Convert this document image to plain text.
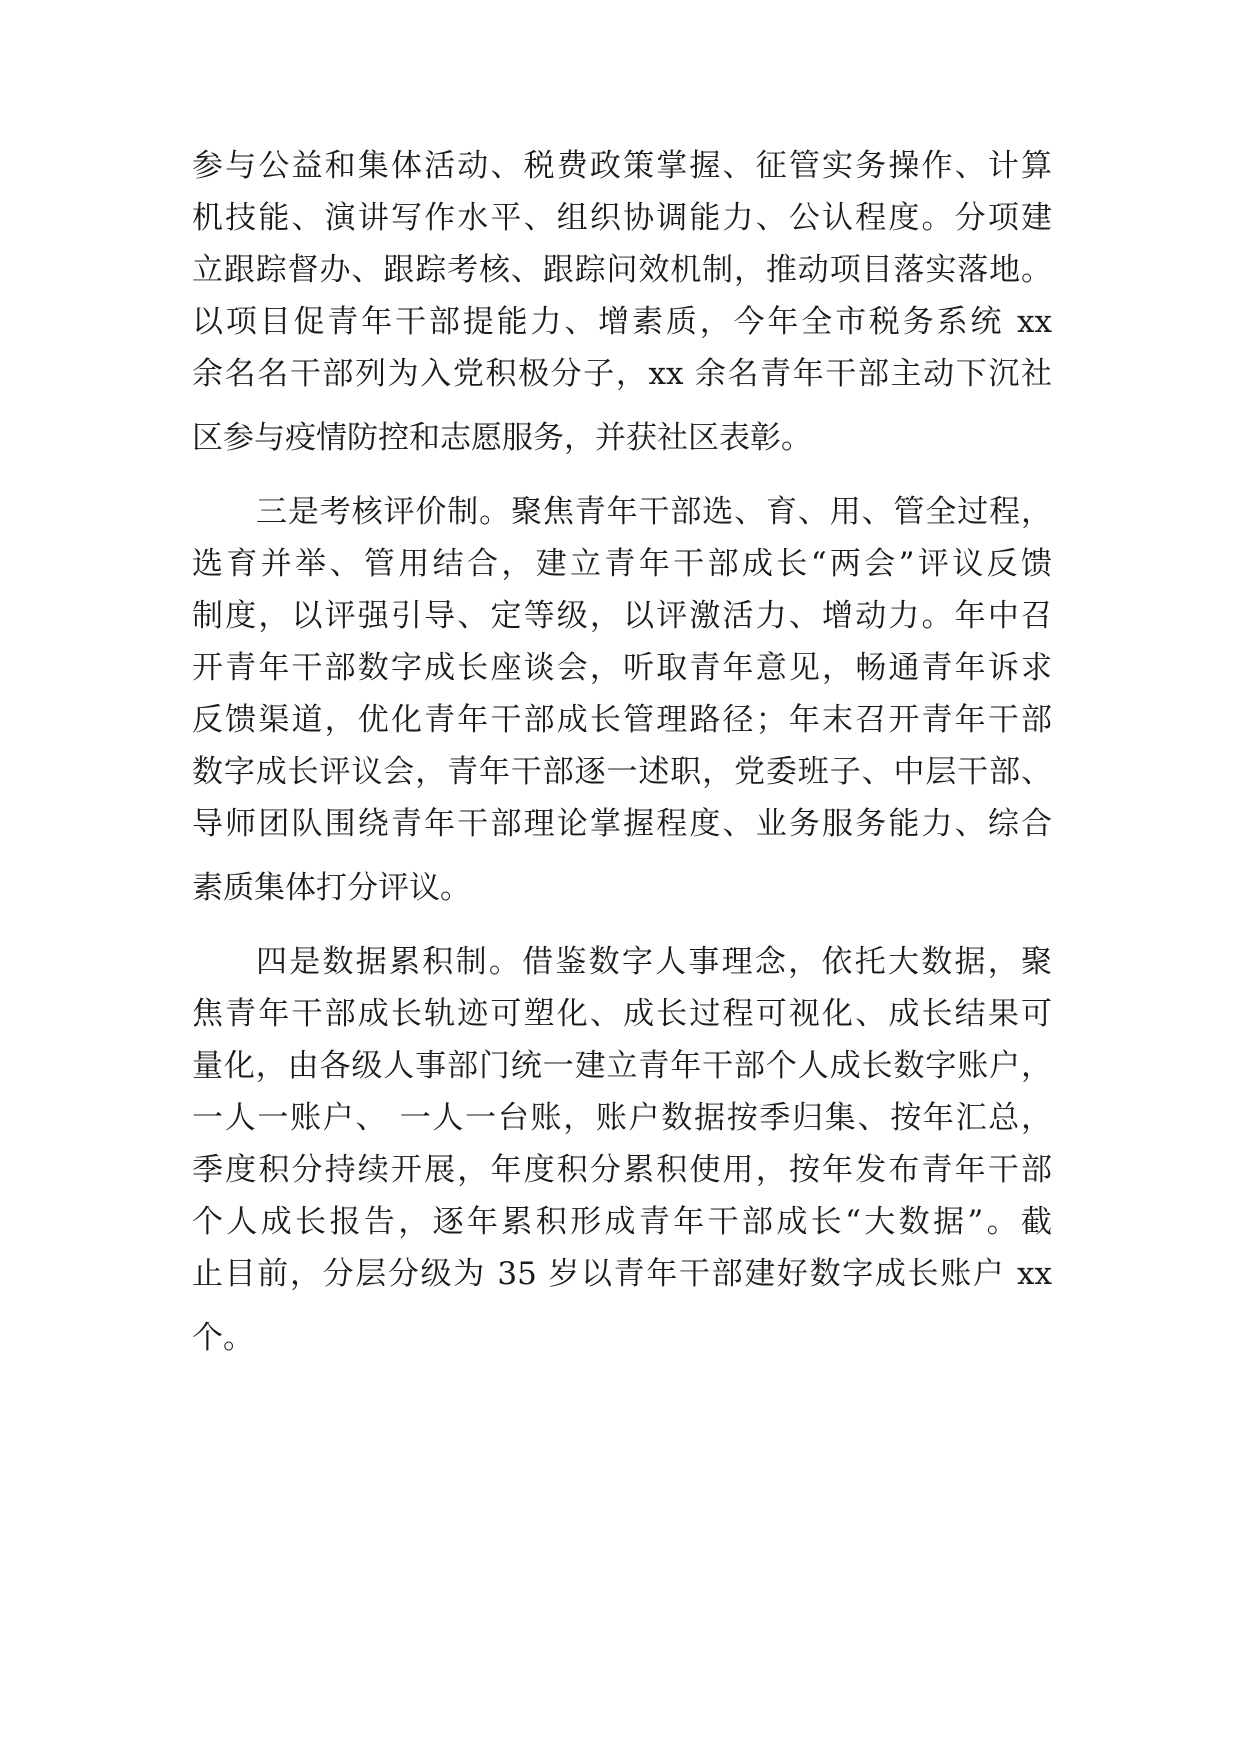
参与公益和集体活动、税费政策掌握、征管实务操作、计算
机技能、演讲写作水平、组织协调能力、公认程度。分项建
立跟踪督办、跟踪考核、跟踪问效机制，推动项目落实落地。
以项目促青年干部提能力、增素质，今年全市税务系统 xx
余名名干部列为入党积极分子，xx 余名青年干部主动下沉社
区参与疫情防控和志愿服务，并获社区表彰。
三是考核评价制。聚焦青年干部选、育、用、管全过程，
选育并举、管用结合，建立青年干部成长“两会”评议反馈
制度，以评强引导、定等级，以评激活力、增动力。年中召
开青年干部数字成长座谈会，听取青年意见，畅通青年诉求
反馈渠道，优化青年干部成长管理路径；年末召开青年干部
数字成长评议会，青年干部逐一述职，党委班子、中层干部、
导师团队围绕青年干部理论掌握程度、业务服务能力、综合
素质集体打分评议。
四是数据累积制。借鉴数字人事理念，依托大数据，聚
焦青年干部成长轨迹可塑化、成长过程可视化、成长结果可
量化，由各级人事部门统一建立青年干部个人成长数字账户，
一人一账户、 一人一台账，账户数据按季归集、按年汇总，
季度积分持续开展，年度积分累积使用，按年发布青年干部
个人成长报告，逐年累积形成青年干部成长“大数据”。截
止目前，分层分级为 35 岁以青年干部建好数字成长账户 xx
个。
